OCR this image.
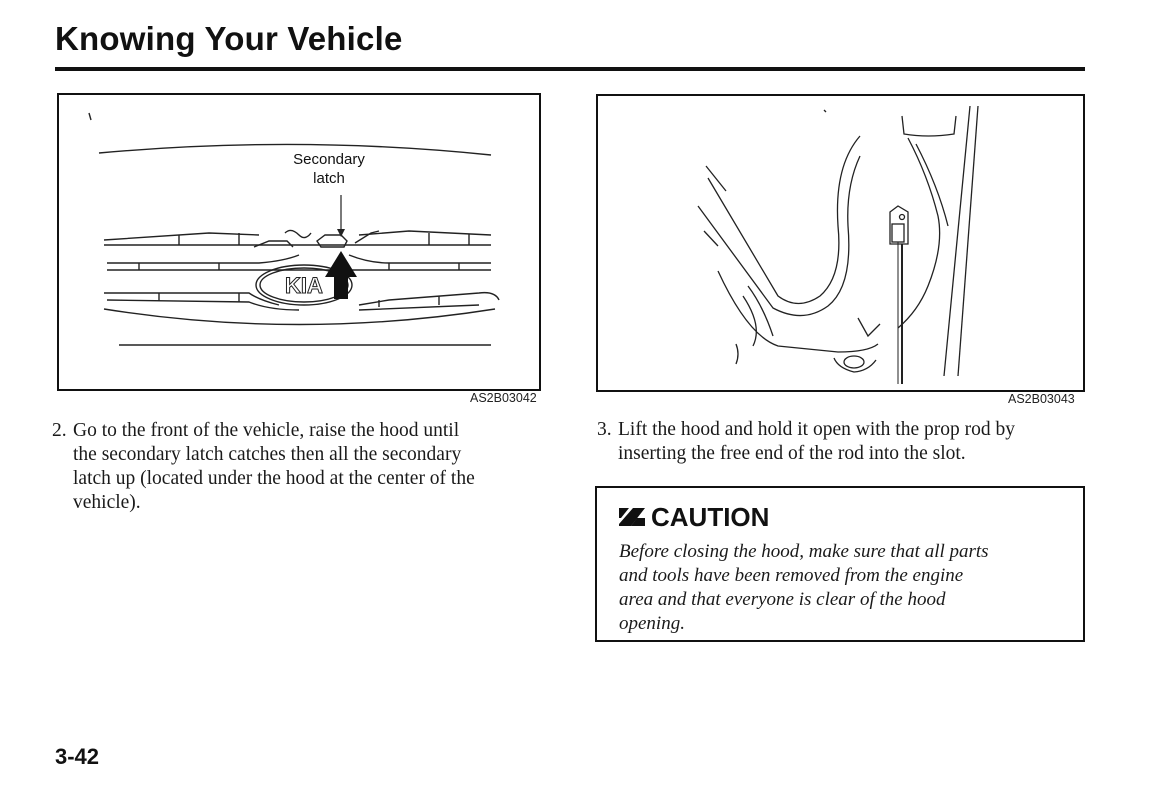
Knowing Your Vehicle
KIA
Secondary
latch
AS2B03042	AS2B03043
2. Go to the front of the vehicle, raise the hood until
the secondary latch catches then all the secondary
latch up (located under the hood at the center of the
vehicle).
3. Lift the hood and hold it open with the prop rod by
inserting the free end of the rod into the slot.
CAUTION
Before closing the hood, make sure that all parts
and tools have been removed from the engine
area and that everyone is clear of the hood
opening.
3-42
